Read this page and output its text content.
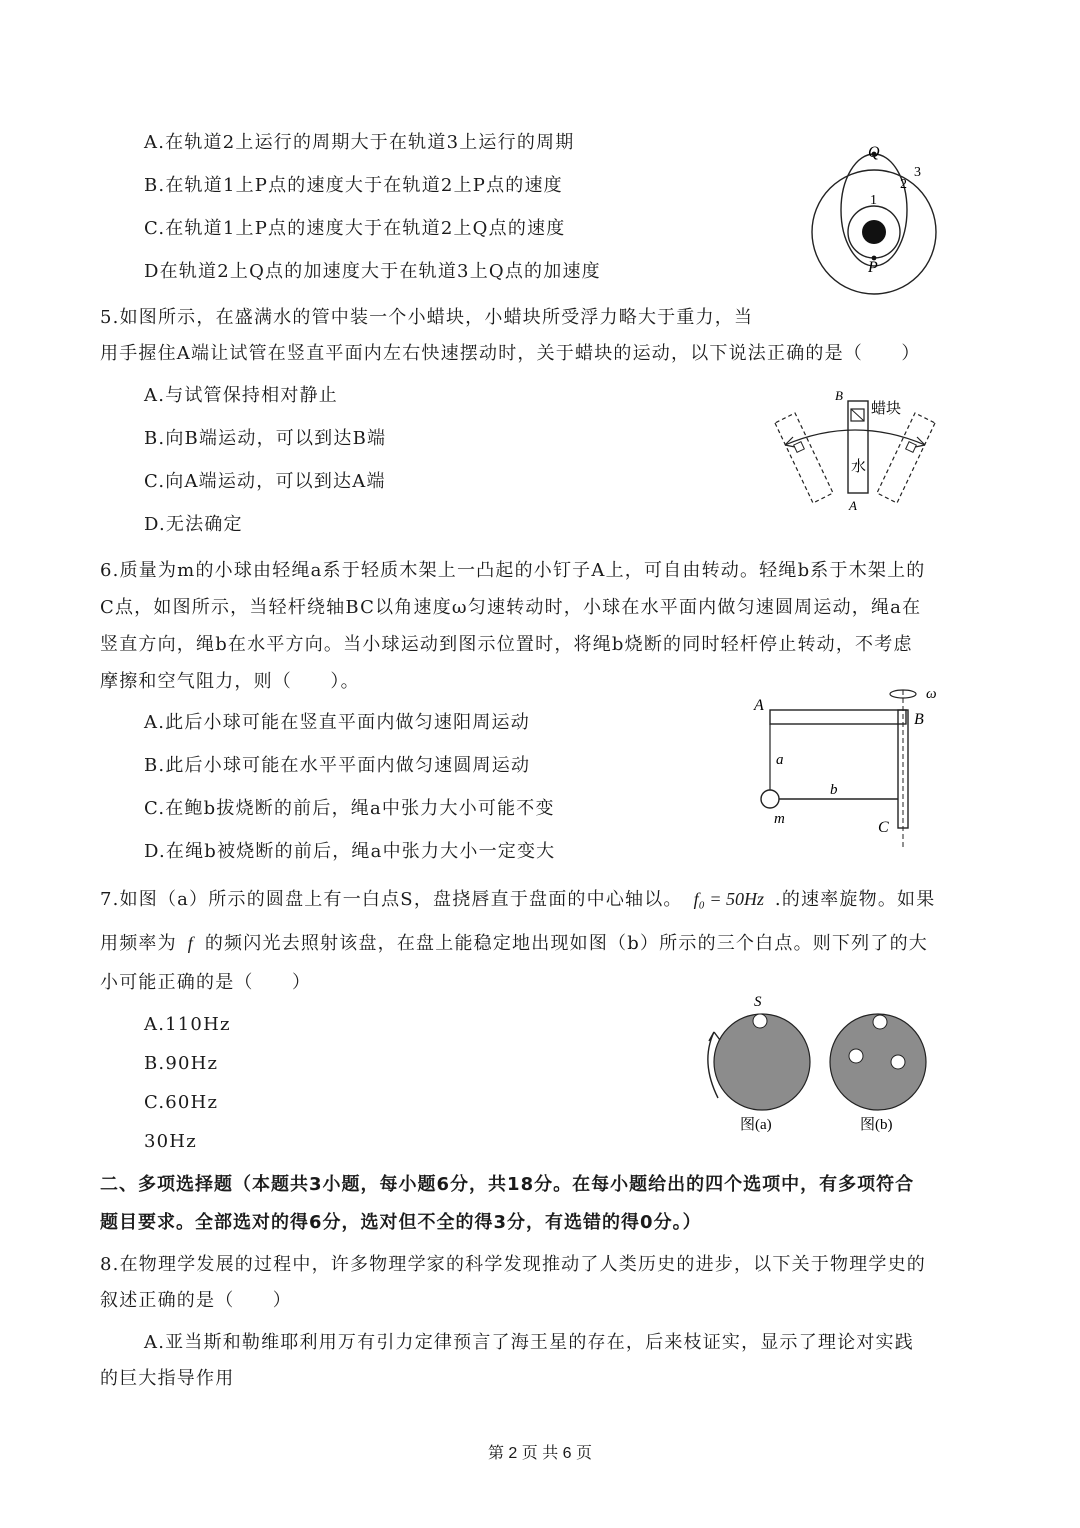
A.在轨道2上运行的周期大于在轨道3上运行的周期
B.在轨道1上P点的速度大于在轨道2上P点的速度
C.在轨道1上P点的速度大于在轨道2上Q点的速度
D在轨道2上Q点的加速度大于在轨道3上Q点的加速度
Q
P
1
2
3
5.如图所示，在盛满水的管中装一个小蜡块，小蜡块所受浮力略大于重力，当
用手握住A端让试管在竖直平面内左右快速摆动时，关于蜡块的运动，以下说法正确的是（　　）
A.与试管保持相对静止
B.向B端运动，可以到达B端
C.向A端运动，可以到达A端
D.无法确定
B
A
蜡块
水
6.质量为m的小球由轻绳a系于轻质木架上一凸起的小钉子A上，可自由转动。轻绳b系于木架上的
C点，如图所示，当轻杆绕轴BC以角速度ω匀速转动时，小球在水平面内做匀速圆周运动，绳a在
竖直方向，绳b在水平方向。当小球运动到图示位置时，将绳b烧断的同时轻杆停止转动，不考虑
摩擦和空气阻力，则（　　）。
A.此后小球可能在竖直平面内做匀速阳周运动
B.此后小球可能在水平平面内做匀速圆周运动
C.在鲍b拔烧断的前后，绳a中张力大小可能不变
D.在绳b被烧断的前后，绳a中张力大小一定变大
A
B
C
a
b
m
ω
7.如图（a）所示的圆盘上有一白点S，盘挠唇直于盘面的中心轴以。 f₀ = 50Hz .的速率旋物。如果
用频率为 f 的频闪光去照射该盘，在盘上能稳定地出现如图（b）所示的三个白点。则下列了的大
小可能正确的是（　　）
A.110Hz
B.90Hz
C.60Hz
30Hz
S
图(a)	图(b)
二、多项选择题（本题共3小题，每小题6分，共18分。在每小题给出的四个选项中，有多项符合
题目要求。全部选对的得6分，选对但不全的得3分，有选错的得0分。）
8.在物理学发展的过程中，许多物理学家的科学发现推动了人类历史的进步，以下关于物理学史的
叙述正确的是（　　）
A.亚当斯和勒维耶利用万有引力定律预言了海王星的存在，后来枝证实，显示了理论对实践
的巨大指导作用
第 2 页 共 6 页
